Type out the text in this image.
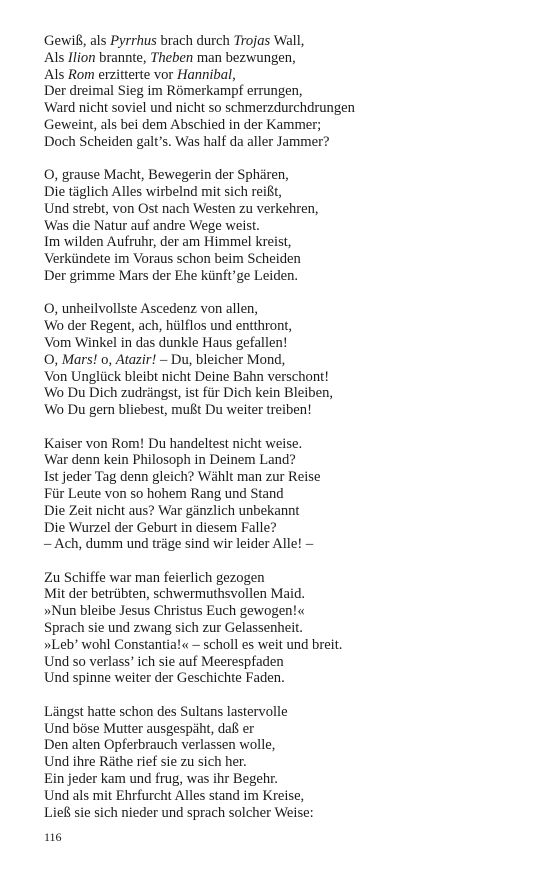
Gewiß, als Pyrrhus brach durch Trojas Wall,
Als Ilion brannte, Theben man bezwungen,
Als Rom erzitterte vor Hannibal,
Der dreimal Sieg im Römerkampf errungen,
Ward nicht soviel und nicht so schmerzdurchdrungen
Geweint, als bei dem Abschied in der Kammer;
Doch Scheiden galt’s. Was half da aller Jammer?
O, grause Macht, Bewegerin der Sphären,
Die täglich Alles wirbelnd mit sich reißt,
Und strebt, von Ost nach Westen zu verkehren,
Was die Natur auf andre Wege weist.
Im wilden Aufruhr, der am Himmel kreist,
Verkündete im Voraus schon beim Scheiden
Der grimme Mars der Ehe künft’ge Leiden.
O, unheilvollste Ascedenz von allen,
Wo der Regent, ach, hülflos und entthront,
Vom Winkel in das dunkle Haus gefallen!
O, Mars! o, Atazir! – Du, bleicher Mond,
Von Unglück bleibt nicht Deine Bahn verschont!
Wo Du Dich zudrängst, ist für Dich kein Bleiben,
Wo Du gern bliebest, mußt Du weiter treiben!
Kaiser von Rom! Du handeltest nicht weise.
War denn kein Philosoph in Deinem Land?
Ist jeder Tag denn gleich? Wählt man zur Reise
Für Leute von so hohem Rang und Stand
Die Zeit nicht aus? War gänzlich unbekannt
Die Wurzel der Geburt in diesem Falle?
– Ach, dumm und träge sind wir leider Alle! –
Zu Schiffe war man feierlich gezogen
Mit der betrübten, schwermuthsvollen Maid.
»Nun bleibe Jesus Christus Euch gewogen!«
Sprach sie und zwang sich zur Gelassenheit.
»Leb’ wohl Constantia!« – scholl es weit und breit.
Und so verlass’ ich sie auf Meerespfaden
Und spinne weiter der Geschichte Faden.
Längst hatte schon des Sultans lastervolle
Und böse Mutter ausgespäht, daß er
Den alten Opferbrauch verlassen wolle,
Und ihre Räthe rief sie zu sich her.
Ein jeder kam und frug, was ihr Begehr.
Und als mit Ehrfurcht Alles stand im Kreise,
Ließ sie sich nieder und sprach solcher Weise:
116
